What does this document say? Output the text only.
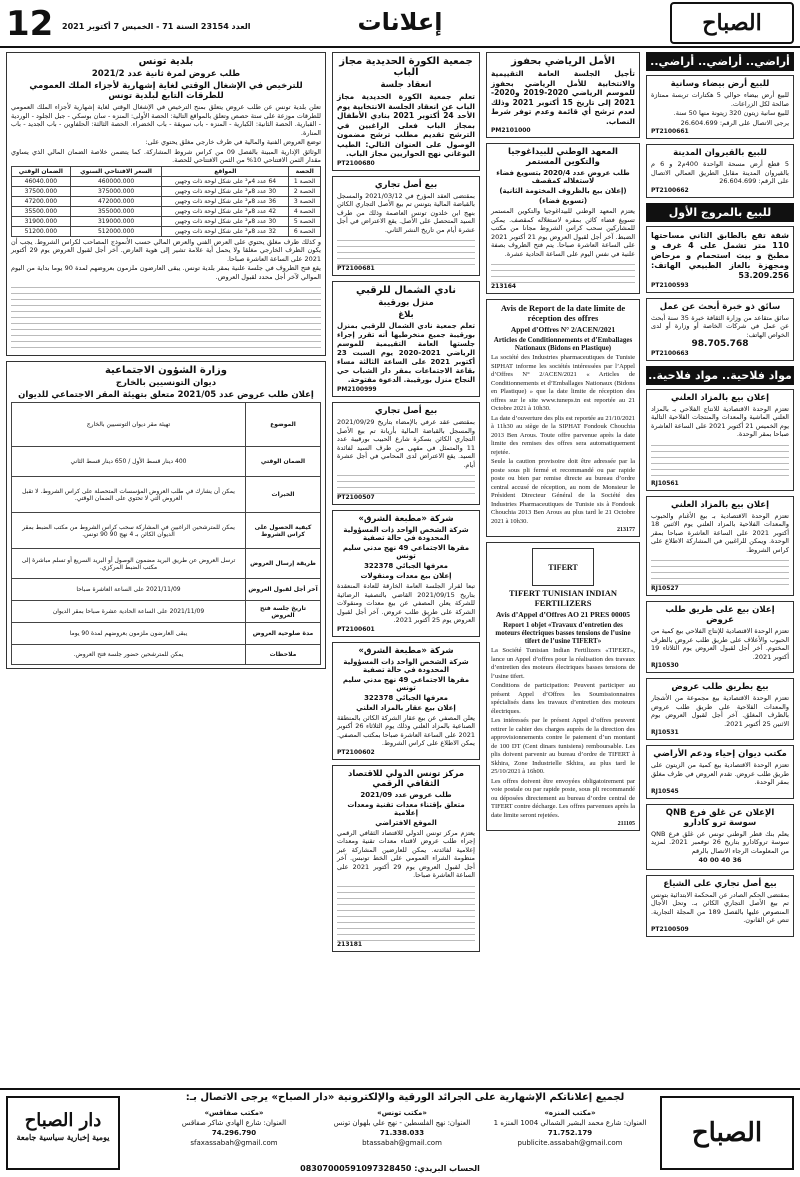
12 العدد 23154 السنة 71 - الخميس 7 أكتوبر 2021	إعلانات	الصباح
أراضي.. أراضي.. أراضي..
للبيع أرض بيضاء وسانية

للبيع أرض بيضاء حوالي 5 هكتارات تربسة ممتازة صالحة لكل الزراعات.

للبيع سانية زيتون 320 زيتونة منها 50 سنة.

يرجى الاتصال على الرقم: 26.604.699

PT2100661
للبيع بالقيروان المدينة

5 قطع أرض مسحة الواحدة 400م2 و 6 م بالقيروان المدينة مقابل الطريق العمالي الاتصال على الرقم: 26.604.699

PT2100662
للبيع بالمروج الأول

شقة تقع بالطابق الثاني مساحتها 110 متر تشمل على 4 غرف و مطبخ و بيت استحمام و مرحاض ومجهزة بالغاز الطبيعي الهاتف: 53.209.256

PT2100593
سائق ذو خبرة أبحث عن عمل

سائق متقاعد من وزارة الثقافة خبرة 35 سنة أبحث عن عمل في شركات الخاصة أو وزارة أو لدى الخواص الهاتف:

98.705.768

PT2100663
مواد فلاحية.. مواد فلاحية..
إعلان بيع بالمزاد العلني

تعتزم الوحدة الاقتصادية للانتاج الفلاحي بـ بالمزاد العلني الماشية والمعدات والمنتجات الفلاحية التالية يوم الخميس 21 أكتوبر 2021 على الساعة العاشرة صباحا بمقر الوحدة.

RJ10561
إعلان بيع بالمزاد العلني

تعتزم الوحدة الاقتصادية بـ بيع الأغنام والحبوب والمعدات الفلاحية بالمزاد العلني يوم الاثنين 18 أكتوبر 2021 على الساعة العاشرة صباحا بمقر الوحدة. ويمكن للراغبين في المشاركة الاطلاع على كراس الشروط.

RJ10527
إعلان بيع على طريق طلب عروض

تعتزم الوحدة الاقتصادية للإنتاج الفلاحي بيع كمية من الحبوب والأعلاف على طريق طلب عروض بالظرف المختوم. آخر أجل لقبول العروض يوم الثلاثاء 19 أكتوبر 2021.

RJ10530
بيع بطريق طلب عروض

تعتزم الوحدة الاقتصادية بيع مجموعة من الأشجار والمعدات الفلاحية على طريق طلب عروض بالظرف المغلق. آخر أجل لقبول العروض يوم الاثنين 25 أكتوبر 2021.

RJ10531
مكتب ديوان إحياء ودعم الأراضي

تعتزم الوحدة الاقتصادية بيع كمية من الزيتون على طريق طلب عروض. تقدم العروض في ظرف مغلق بمقر الوحدة.

RJ10545
الإعلان عن غلق فرع QNB سوسة ترو كادارو

يعلم بنك قطر الوطني تونس عن غلق فرع QNB سوسة تروكادارو بتاريخ 26 نوفمبر 2021. لمزيد من المعلومات الرجاء الاتصال بالرقم

36 40 00 40

بيع أصل تجاري على الشياع

بمقتضى الحكم الصادر عن المحكمة الابتدائية بتونس تم بيع الأصل التجاري الكائن بـ. وتحل الآجال المنصوص عليها بالفصل 189 من المجلة التجارية. تنص عن القانون.

PT2100509
الأمل الرياضي بحفوز

تأجيل الجلسة العامة التقييمية والانتخابية للأمل الرياضي بحفوز للموسم الرياضي 2020-2019 و2020-2021 إلى تاريخ 15 أكتوبر 2021 وذلك لعدم ترشح أي قائمة وعدم توفر شرط النصاب.

PM2101000
المعهد الوطني للبيداغوجيا والتكوين المستمر
طلب عروض عدد 2020/4 بتسويغ فضاء لاستغلاله كمقصف
(إعلان بيع بالظروف المختومة الثانية)
(تسويغ فضاء)

يعتزم المعهد الوطني للبيداغوجيا والتكوين المستمر تسويغ فضاء كائن بمقره لاستغلاله كمقصف. يمكن للمشاركين سحب كراس الشروط مجانا من مكتب الضبط. آخر أجل لقبول العروض يوم 21 أكتوبر 2021 على الساعة العاشرة صباحا. يتم فتح الظروف بصفة علنية في نفس اليوم على الساعة الحادية عشرة.

213164
Avis de Report de la date limite de réception des offres
Appel d’Offres N° 2/ACEN/2021
Articles de Conditionnements et d’Emballages Nationaux (Bidons en Plastique)

La société des Industries pharmaceutiques de Tunisie SIPHAT informe les sociétés intéressées par l’Appel d’Offres N° 2/ACEN/2021 « Articles de Conditionnements et d’Emballages Nationaux (Bidons en Plastique) » que la date limite de réception des offres sur le site www.tuneps.tn est reportée au 21 Octobre 2021 à 10h30.

La date d’ouverture des plis est reportée au 21/10/2021 à 11h30 au siège de la SIPHAT Fondouk Chouchia 2013 Ben Arous. Toute offre parvenue après la date limite des remises des offres sera automatiquement rejetée.

Seule la caution provisoire doit être adressée par la poste sous pli fermé et recommandé ou par rapide poste ou bien par remise directe au bureau d’ordre central accusé de réception, au nom de Monsieur le Président Directeur Général de la Société des Industries Pharmaceutiques de Tunisie sis à Fondouk Chouchia 2013 Ben Arous au plus tard le 21 Octobre 2021 à 10h30.

213177
TIFERT
TIFERT TUNISIAN INDIAN FERTILIZERS
Avis d’Appel d’Offres AO 21 PRES 00005
Report 1 objet «Travaux d’entretien des moteurs électriques basses tensions de l’usine tifert de l’usine TIFERT»

La Société Tunisian Indian Fertilizers «TIFERT», lance un Appel d’offres pour la réalisation des travaux d’entretien des moteurs électriques basses tensions de l’usine tifert.

Conditions de participation: Peuvent participer au présent Appel d’Offres les Soumissionnaires spécialisés dans les travaux d’entretien des moteurs électriques.

Les intéressés par le présent Appel d’offres peuvent retirer le cahier des charges auprès de la direction des approvisionnements contre le paiement d’un montant de 100 DT (Cent dinars tunisiens) remboursable. Les plis doivent parvenir au bureau d’ordre de TIFERT à Skhira, Zone Industrielle Skhira, au plus tard le 25/10/2021 à 16h00.

Les offres doivent être envoyées obligatoirement par voie postale ou par rapide poste, sous pli recommandé ou déposées directement au bureau d’ordre central de TIFERT contre décharge. Les offres parvenues après la date limite seront rejetées.

211105
جمعية الكورة الحديدية مجاز الباب
انعقاد جلسة

تعلم جمعية الكورة الحديدية مجاز الباب عن انعقاد الجلسة الانتخابية يوم الأحد 24 أكتوبر 2021 بنادي الأطفال بمجاز الباب فعلى الراغبين في الترشح تقديم مطلب ترشح مضمون الوصول على العنوان التالي: الطيب البوغاني نهج الحواريين مجاز الباب.

PT2100680
بيع أصل تجاري

بمقتضى العقد المؤرخ في 2021/03/12 والمسجل بالقباضة المالية بتونس تم بيع الأصل التجاري الكائن بنهج ابن خلدون تونس العاصمة وذلك من طرف السيد المتحصل على الأصل. يقع الاعتراض في أجل عشرة أيام من تاريخ النشر الثاني.

PT2100681
نادي الشمال للرقبي
منزل بورقيبة
بلاغ

تعلم جمعية نادي الشمال للرقبي بمنزل بورقيبة جميع منخرطيها أنه تقرر إجراء جلستها العامة التقييمية للموسم الرياضي 2021-2020 يوم السبت 23 أكتوبر 2021 على الساعة الثالثة مساء بقاعة الاجتماعات بمقر دار الشباب حي النجاح منزل بورقيبة. الدعوة مفتوحة.

PM2100999
بيع أصل تجاري

بمقتضى عقد عرفي بالإمضاء بتاريخ 2021/09/29 والمسجل بالقباضة المالية بأريانة تم بيع الأصل التجاري الكائن بسكرة شارع الحبيب بورقيبة عدد 11 والمتمثل في مقهى من طرف السيد لفائدة السيد. يقع الاعتراض لدى المحامي في أجل عشرة أيام.

PT2100507
شركة «مطبعة الشرق»
شركة الشخص الواحد ذات المسؤولية المحدودة في حالة تصفية
مقرها الاجتماعي 49 نهج مدني سليم تونس
معرفها الجبائي 322378
إعلان بيع معدات ومنقولات

تبعا لقرار الجلسة العامة الخارقة للعادة المنعقدة بتاريخ 2021/09/15 القاضي بالتصفية الرضائية للشركة يعلن المصفي عن بيع معدات ومنقولات الشركة على طريق طلب عروض. آخر أجل لقبول العروض يوم 25 أكتوبر 2021.

PT2100601
شركة «مطبعة الشرق»
شركة الشخص الواحد ذات المسؤولية المحدودة في حالة تصفية
مقرها الاجتماعي 49 نهج مدني سليم تونس
معرفها الجبائي 322378
إعلان بيع عقار بالمزاد العلني

يعلن المصفي عن بيع عقار الشركة الكائن بالمنطقة الصناعية بالمزاد العلني وذلك يوم الثلاثاء 26 أكتوبر 2021 على الساعة العاشرة صباحا بمكتب المصفي. يمكن الاطلاع على كراس الشروط.

PT2100602
مركز تونس الدولي للاقتصاد الثقافي الرقمي
طلب عروض عدد 2021/09
متعلق بإقتناء معدات تقنية ومعدات إعلامية
الموقع الافتراضي

يعتزم مركز تونس الدولي للاقتصاد الثقافي الرقمي إجراء طلب عروض لاقتناء معدات تقنية ومعدات إعلامية لفائدته. يمكن للعارضين المشاركة عبر منظومة الشراء العمومي على الخط تونبس. آخر أجل لقبول العروض يوم 29 أكتوبر 2021 على الساعة العاشرة صباحا.

213181
بلدية تونس
طلب عروض لمرة ثانية عدد 2021/2
للترخيص في الإشغال الوقتي لغاية إشهارية لأجزاء الملك العمومي للطرقات التابع لبلدية تونس

تعلن بلدية تونس عن طلب عروض يتعلق بمنح الترخيص في الإشغال الوقتي لغاية إشهارية لأجزاء الملك العمومي للطرقات موزعة على ستة حصص وتعلق بالمواقع التالية: الحصة الأولى: المنزه - سان بوسكي - جبل الجلود - الوردية - القبارية. الحصة الثانية: الكبارية - المنزه - باب سويقة - باب الخضراء. الحصة الثالثة: الحلفاوين - باب الجديد - باب المنارة.

توضع العروض الفنية والمالية في ظرف خارجي مغلق يحتوي على:

الوثائق الإدارية المبينة بالفصل 09 من كراس شروط المشاركة. كما يتضمن خلاصة الضمان المالي الذي يساوي مقدار الثمن الافتتاحي 10% من الثمن الافتتاحي للحصة.

الحصة	المواقع	السعر الافتتاحي السنوي	الضمان الوقتي
الحصة 1	64 عدد 4م² على شكل لوحة ذات وجهين	460000.000	46040.000
الحصة 2	30 عدد 8م² على شكل لوحة ذات وجهين	375000.000	37500.000
الحصة 3	36 عدد 8م² على شكل لوحة ذات وجهين	472000.000	47200.000
الحصة 4	42 عدد 8م² على شكل لوحة ذات وجهين	355000.000	35500.000
الحصة 5	30 عدد 8م² على شكل لوحة ذات وجهين	319000.000	31900.000
الحصة 6	32 عدد 8م² على شكل لوحة ذات وجهين	512000.000	51200.000

و كذلك ظرف مغلق يحتوي على العرض الفني والعرض المالي حسب الأنموذج المصاحب لكراس الشروط. يجب أن يكون الظرف الخارجي مغلقا ولا يحمل أية علامة تشير إلى هوية العارض. آخر أجل لقبول العروض يوم 29 أكتوبر 2021 على الساعة العاشرة صباحا.

يقع فتح الظروف في جلسة علنية بمقر بلدية تونس. يبقى العارضون ملزمون بعروضهم لمدة 90 يوما بداية من اليوم الموالي لآخر أجل محدد لقبول العروض.

وزارة الشؤون الاجتماعية
ديوان التونسيين بالخارج
إعلان طلب عروض عدد 2021/05 متعلق بتهيئة المقر الاجتماعي للديوان
الموضوع	تهيئة مقر ديوان التونسيين بالخارج
الضمان الوقتي	400 دينار قسط الأول / 650 دينار قسط الثاني
الخبرات	يمكن أن يشارك في طلب العروض المؤسسات المتحصلة على كراس الشروط. لا تقبل العروض التي لا تحتوي على الضمان الوقتي.
كيفية الحصول على كراس الشروط	يمكن للمترشحين الراغبين في المشاركة سحب كراس الشروط من مكتب الضبط بمقر الديوان الكائن بـ 4 نهج 90 90 تونس.
طريقة إرسال العروض	ترسل العروض عن طريق البريد مضمون الوصول أو البريد السريع أو تسلم مباشرة إلى مكتب الضبط المركزي.
آخر أجل لقبول العروض	2021/11/09 على الساعة العاشرة صباحا
تاريخ جلسة فتح العروض	2021/11/09 على الساعة الحادية عشرة صباحا بمقر الديوان
مدة صلوحية العروض	يبقى العارضون ملزمون بعروضهم لمدة 90 يوما
ملاحظات	يمكن للمترشحين حضور جلسة فتح العروض.
الصباح
لجميع إعلاناتكم الإشهارية على الجرائد الورقية والإلكترونية «دار الصباح» يرجى الاتصال بـ:
«مكتب المنزه»
العنوان: شارع محمد البشير الشمالي 1004 المنزه 1
71.752.179
publicite.assabah@gmail.com
«مكتب تونس»
العنوان: نهج الفلسطين - نهج علي بلهوان تونس
71.338.033
btassabah@gmail.com
«مكتب صفاقس»
العنوان: شارع الهادي شاكر صفاقس
74.296.790
sfaxassabah@gmail.com
الحساب البريدي: 08307000591097328450
دار الصباح
يومية إخبارية سياسية جامعة
